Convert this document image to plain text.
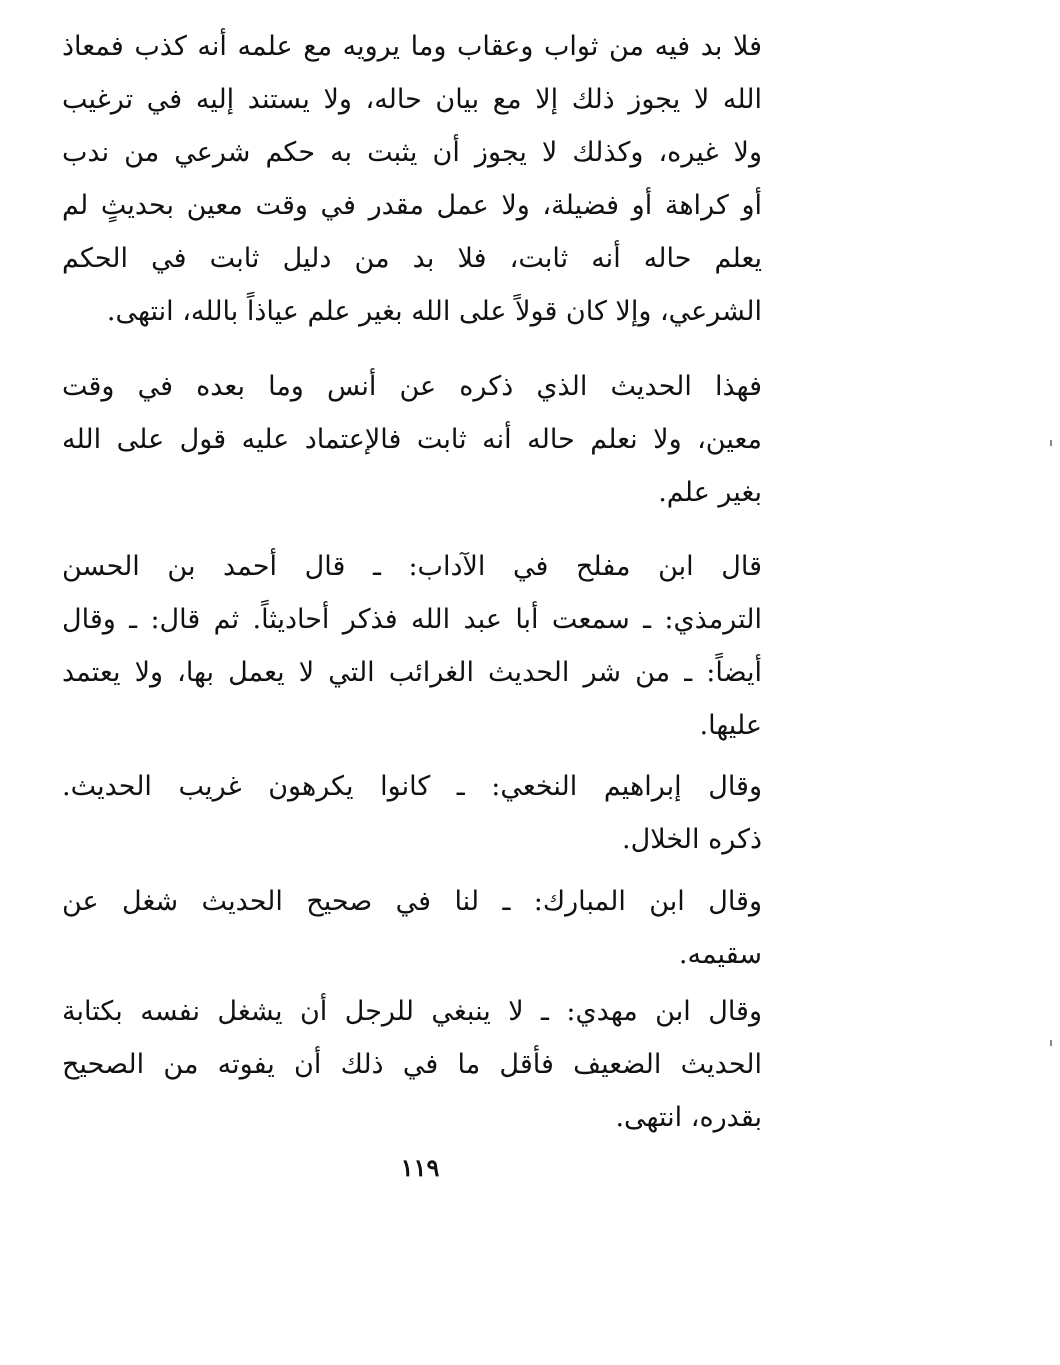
فلا بد فيه من ثواب وعقاب وما يرويه مع علمه أنه كذب فمعاذ
الله لا يجوز ذلك إلا مع بيان حاله، ولا يستند إليه في ترغيب
ولا غيره، وكذلك لا يجوز أن يثبت به حكم شرعي من ندب
أو كراهة أو فضيلة، ولا عمل مقدر في وقت معين بحديثٍ لم
يعلم حاله أنه ثابت، فلا بد من دليل ثابت في الحكم
الشرعي، وإلا كان قولاً على الله بغير علم عياذاً بالله، انتهى.
فهذا الحديث الذي ذكره عن أنس وما بعده في وقت
معين، ولا نعلم حاله أنه ثابت فالإعتماد عليه قول على الله
بغير علم.
قال ابن مفلح في الآداب: ـ قال أحمد بن الحسن
الترمذي: ـ سمعت أبا عبد الله فذكر أحاديثاً. ثم قال: ـ وقال
أيضاً: ـ من شر الحديث الغرائب التي لا يعمل بها، ولا يعتمد
عليها.
وقال إبراهيم النخعي: ـ كانوا يكرهون غريب الحديث.
ذكره الخلال.
وقال ابن المبارك: ـ لنا في صحيح الحديث شغل عن
سقيمه.
وقال ابن مهدي: ـ لا ينبغي للرجل أن يشغل نفسه بكتابة
الحديث الضعيف فأقل ما في ذلك أن يفوته من الصحيح
بقدره، انتهى.
١١٩
